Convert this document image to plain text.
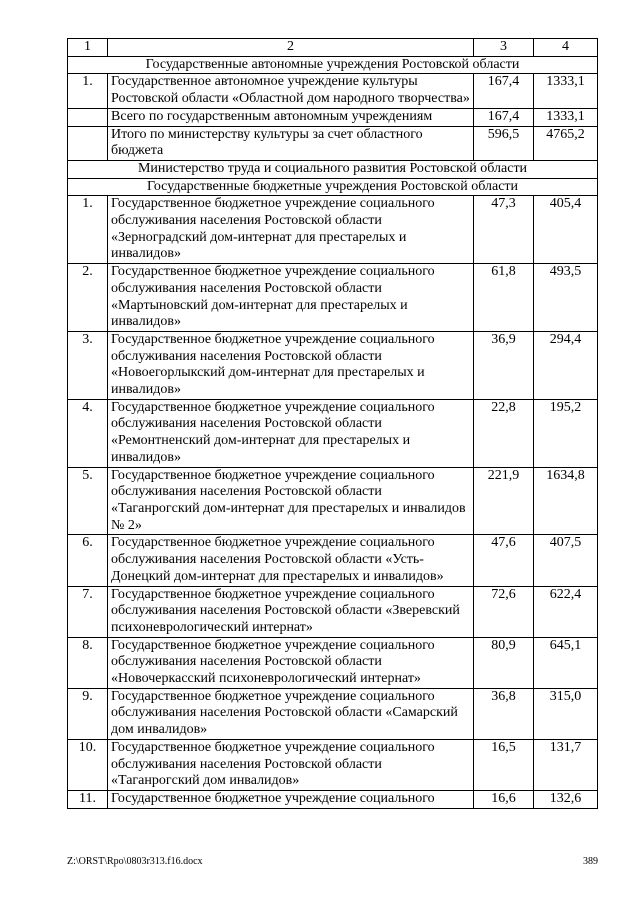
1	2	3	4
Государственные автономные учреждения Ростовской области			
1.	Государственное автономное учреждение культуры Ростовской области «Областной дом народного творчества»	167,4	1333,1
	Всего по государственным автономным учреждениям	167,4	1333,1
	Итого по министерству культуры за счет областного бюджета	596,5	4765,2
Министерство труда и социального развития Ростовской области			
Государственные бюджетные учреждения Ростовской области			
1.	Государственное бюджетное учреждение социального обслуживания населения Ростовской области «Зерноградский дом-интернат для престарелых и инвалидов»	47,3	405,4
2.	Государственное бюджетное учреждение социального обслуживания населения Ростовской области «Мартыновский дом-интернат для престарелых и инвалидов»	61,8	493,5
3.	Государственное бюджетное учреждение социального обслуживания населения Ростовской области «Новоегорлыкский дом-интернат для престарелых и инвалидов»	36,9	294,4
4.	Государственное бюджетное учреждение социального обслуживания населения Ростовской области «Ремонтненский дом-интернат для престарелых и инвалидов»	22,8	195,2
5.	Государственное бюджетное учреждение социального обслуживания населения Ростовской области «Таганрогский дом-интернат для престарелых и инвалидов № 2»	221,9	1634,8
6.	Государственное бюджетное учреждение социального обслуживания населения Ростовской области «Усть-Донецкий дом-интернат для престарелых и инвалидов»	47,6	407,5
7.	Государственное бюджетное учреждение социального обслуживания населения Ростовской области «Зверевский психоневрологический интернат»	72,6	622,4
8.	Государственное бюджетное учреждение социального обслуживания населения Ростовской области «Новочеркасский психоневрологический интернат»	80,9	645,1
9.	Государственное бюджетное учреждение социального обслуживания населения Ростовской области «Самарский дом инвалидов»	36,8	315,0
10.	Государственное бюджетное учреждение социального обслуживания населения Ростовской области «Таганрогский дом инвалидов»	16,5	131,7
11.	Государственное бюджетное учреждение социального	16,6	132,6
Z:\ORST\Rpo\0803r313.f16.docx	389
